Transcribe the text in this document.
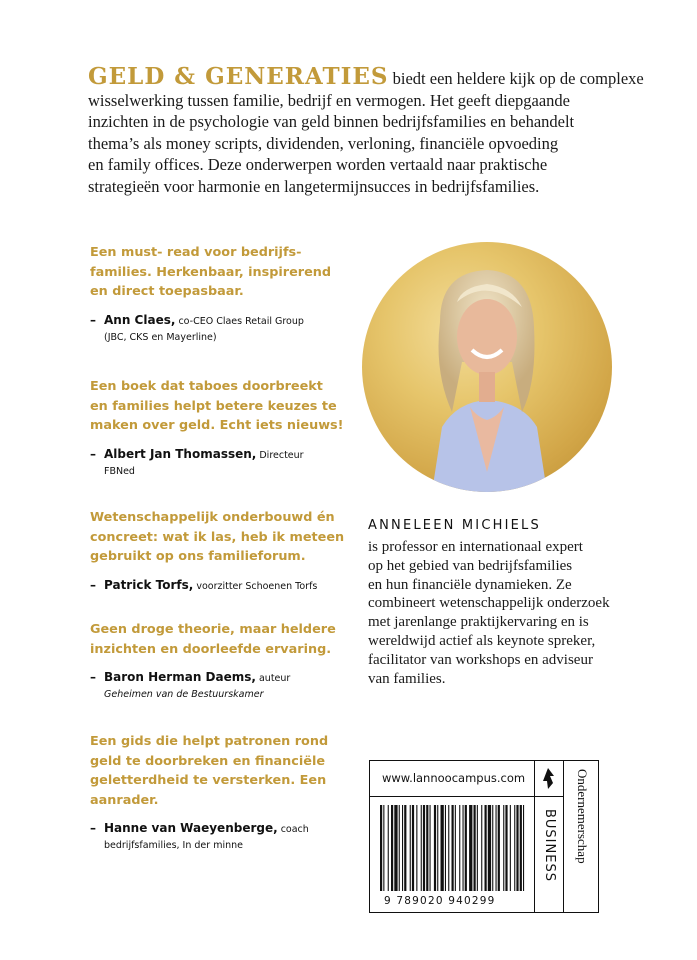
GELD & GENERATIES biedt een heldere kijk op de complexe
wisselwerking tussen familie, bedrijf en vermogen. Het geeft diepgaande
inzichten in de psychologie van geld binnen bedrijfsfamilies en behandelt
thema’s als money scripts, dividenden, verloning, financiële opvoeding
en family offices. Deze onderwerpen worden vertaald naar praktische
strategieën voor harmonie en langetermijnsucces in bedrijfsfamilies.
Een must- read voor bedrijfs-
families. Herkenbaar, inspirerend
en direct toepasbaar.
– Ann Claes, co-CEO Claes Retail Group
(JBC, CKS en Mayerline)
Een boek dat taboes doorbreekt
en families helpt betere keuzes te
maken over geld. Echt iets nieuws!
– Albert Jan Thomassen, Directeur
FBNed
Wetenschappelijk onderbouwd én
concreet: wat ik las, heb ik meteen
gebruikt op ons familieforum.
– Patrick Torfs, voorzitter Schoenen Torfs
Geen droge theorie, maar heldere
inzichten en doorleefde ervaring.
– Baron Herman Daems, auteur
Geheimen van de Bestuurskamer
Een gids die helpt patronen rond
geld te doorbreken en financiële
geletterdheid te versterken. Een
aanrader.
– Hanne van Waeyenberge, coach
bedrijfsfamilies, In der minne
ANNELEEN MICHIELS
is professor en internationaal expert
op het gebied van bedrijfsfamilies
en hun financiële dynamieken. Ze
combineert wetenschappelijk onderzoek
met jarenlange praktijkervaring en is
wereldwijd actief als keynote spreker,
facilitator van workshops en adviseur
van families.
www.lannoocampus.com
BUSINESS Ondernemerschap
9 789020 940299
